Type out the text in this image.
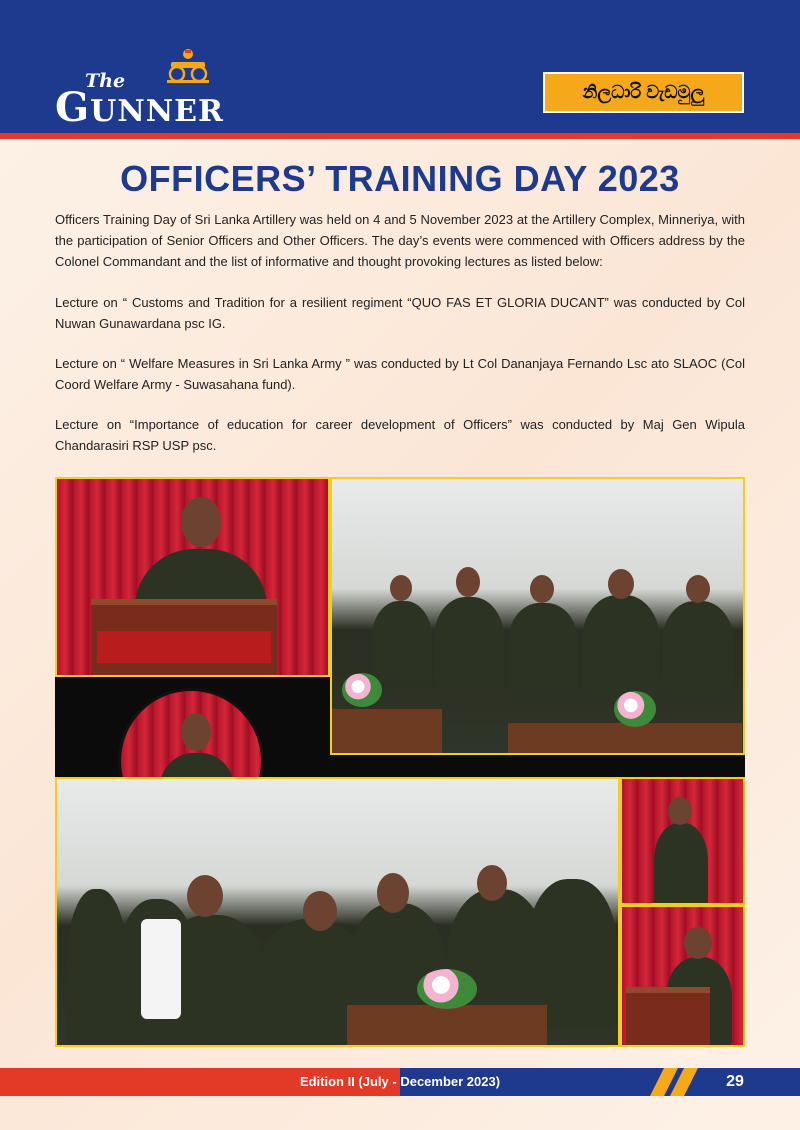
The
GUNNER
නිලධාරි වැඩමුලු
OFFICERS’ TRAINING DAY 2023

Officers Training Day of Sri Lanka Artillery was held on 4 and 5 November 2023 at the Artillery Complex, Minneriya, with the participation of Senior Officers and Other Officers. The day’s events were commenced with Officers address by the Colonel Commandant and the list of informative and thought provoking lectures as listed below:

Lecture on “ Customs and Tradition for a resilient regiment “QUO FAS ET GLORIA DUCANT” was conducted by Col Nuwan Gunawardana psc IG.

Lecture on “ Welfare Measures in Sri Lanka Army ” was conducted by Lt Col Dananjaya Fernando Lsc ato SLAOC (Col Coord Welfare Army - Suwasahana fund).

Lecture on “Importance of education for career development of Officers” was conducted by Maj Gen Wipula Chandarasiri RSP USP psc.

Edition II (July - December 2023)	29
